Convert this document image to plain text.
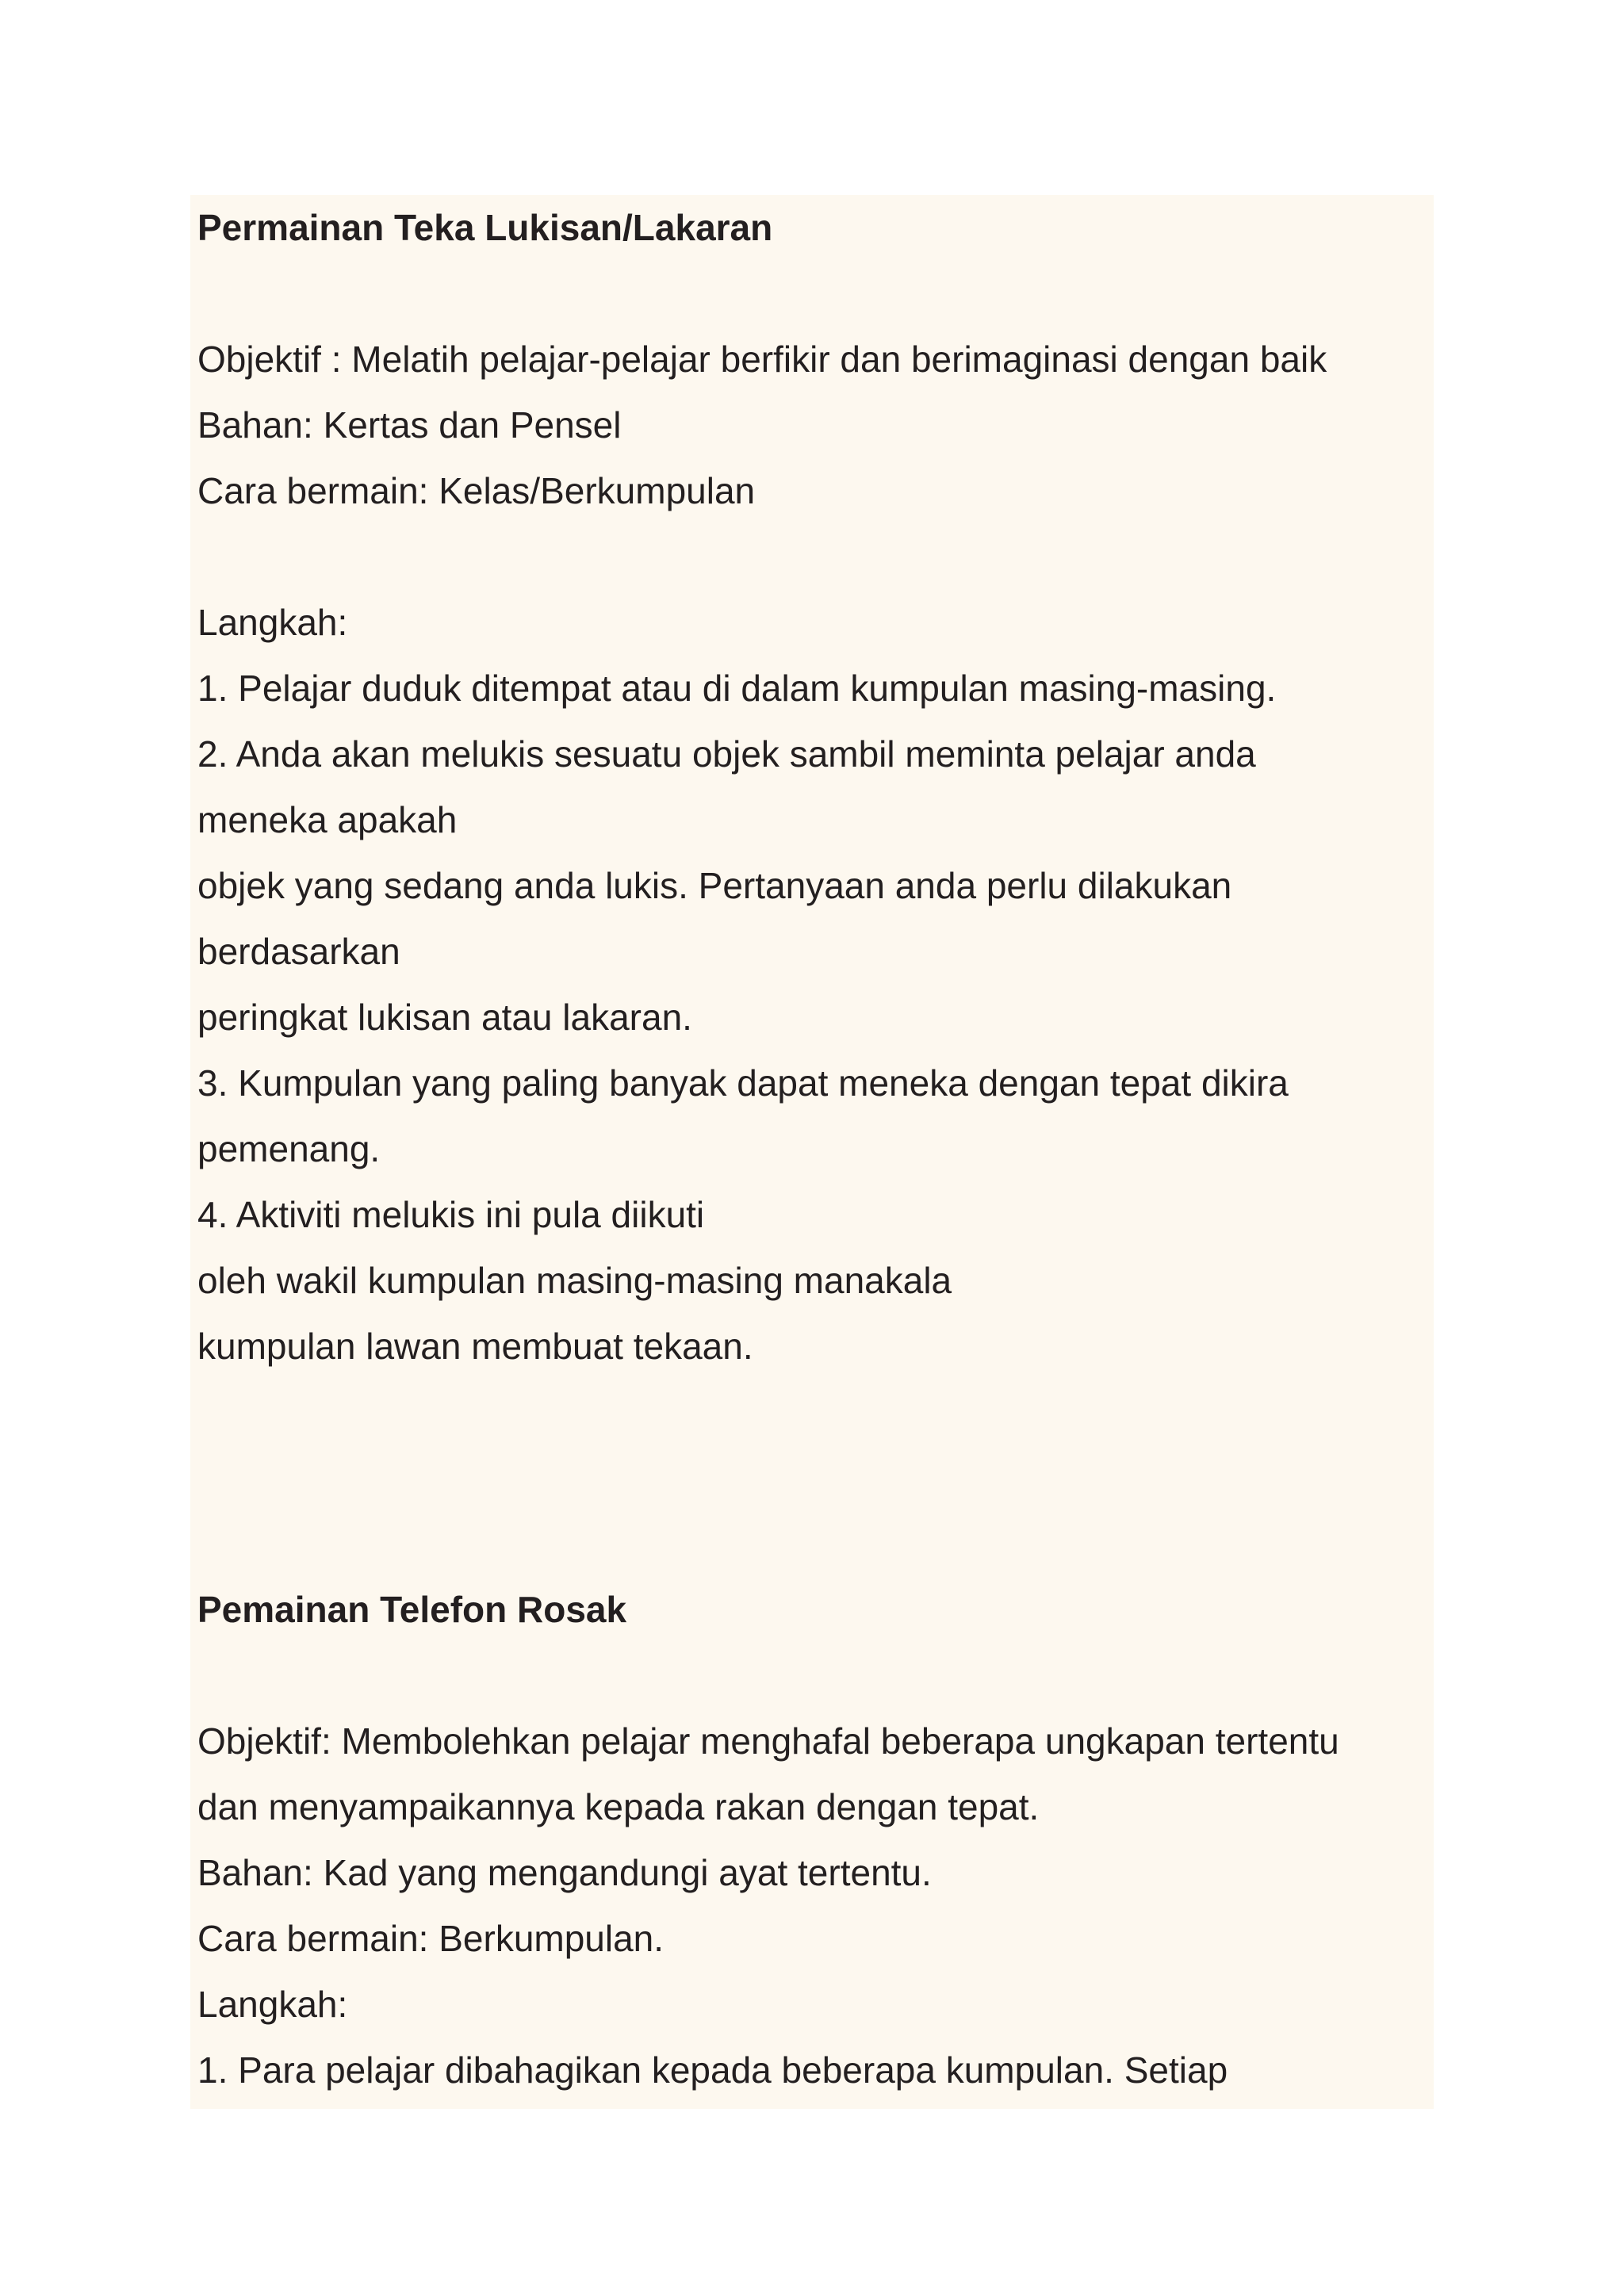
Permainan Teka Lukisan/Lakaran
Objektif : Melatih pelajar-pelajar berfikir dan berimaginasi dengan baik
Bahan: Kertas dan Pensel
Cara bermain: Kelas/Berkumpulan
Langkah:
1. Pelajar duduk ditempat atau di dalam kumpulan masing-masing.
2. Anda akan melukis sesuatu objek sambil meminta pelajar anda
meneka apakah
objek yang sedang anda lukis. Pertanyaan anda perlu dilakukan
berdasarkan
peringkat lukisan atau lakaran.
3. Kumpulan yang paling banyak dapat meneka dengan tepat dikira
pemenang.
4. Aktiviti melukis ini pula diikuti
oleh wakil kumpulan masing-masing manakala
kumpulan lawan membuat tekaan.
Pemainan Telefon Rosak
Objektif: Membolehkan pelajar menghafal beberapa ungkapan tertentu
dan menyampaikannya kepada rakan dengan tepat.
Bahan: Kad yang mengandungi ayat tertentu.
Cara bermain: Berkumpulan.
Langkah:
1. Para pelajar dibahagikan kepada beberapa kumpulan. Setiap
